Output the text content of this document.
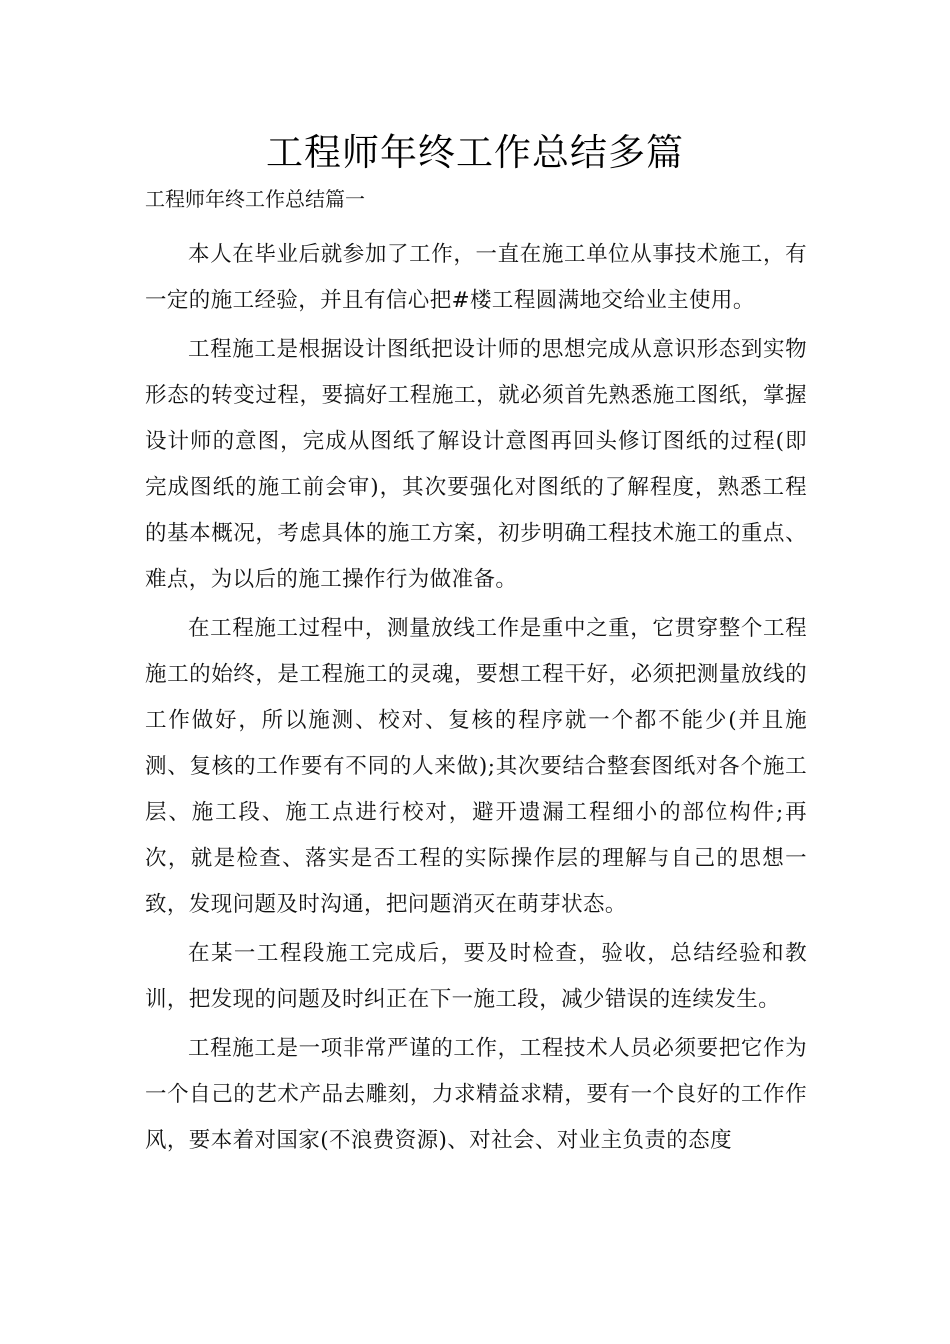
工程师年终工作总结多篇
工程师年终工作总结篇一

本人在毕业后就参加了工作，一直在施工单位从事技术施工，有一定的施工经验，并且有信心把#楼工程圆满地交给业主使用。

工程施工是根据设计图纸把设计师的思想完成从意识形态到实物形态的转变过程，要搞好工程施工，就必须首先熟悉施工图纸，掌握设计师的意图，完成从图纸了解设计意图再回头修订图纸的过程(即完成图纸的施工前会审)，其次要强化对图纸的了解程度，熟悉工程的基本概况，考虑具体的施工方案，初步明确工程技术施工的重点、难点，为以后的施工操作行为做准备。

在工程施工过程中，测量放线工作是重中之重，它贯穿整个工程施工的始终，是工程施工的灵魂，要想工程干好，必须把测量放线的工作做好，所以施测、校对、复核的程序就一个都不能少(并且施测、复核的工作要有不同的人来做);其次要结合整套图纸对各个施工层、施工段、施工点进行校对，避开遗漏工程细小的部位构件;再次，就是检查、落实是否工程的实际操作层的理解与自己的思想一致，发现问题及时沟通，把问题消灭在萌芽状态。

在某一工程段施工完成后，要及时检查，验收，总结经验和教训，把发现的问题及时纠正在下一施工段，减少错误的连续发生。

工程施工是一项非常严谨的工作，工程技术人员必须要把它作为一个自己的艺术产品去雕刻，力求精益求精，要有一个良好的工作作风，要本着对国家(不浪费资源)、对社会、对业主负责的态度
